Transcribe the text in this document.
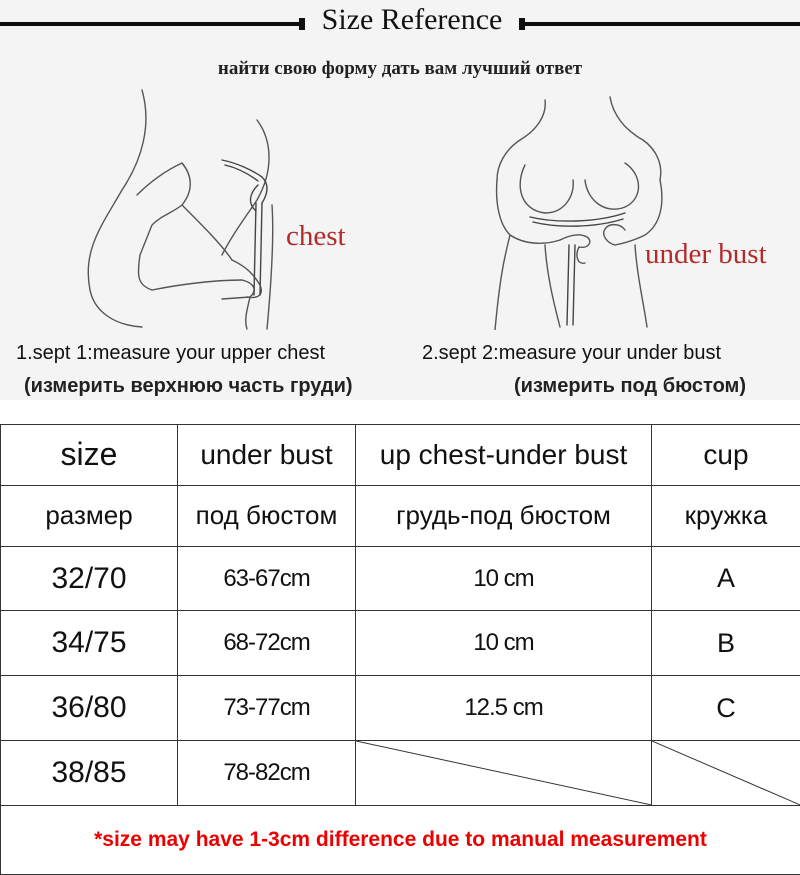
Size Reference
найти свою форму дать вам лучший ответ
chest
under bust
1.sept 1:measure your upper chest
(измерить верхнюю часть груди)
2.sept 2:measure your under bust
(измерить под бюстом)
size	under bust	up chest-under bust	cup
размер	под бюстом	грудь-под бюстом	кружка
32/70	63-67cm	10 cm	A
34/75	68-72cm	10 cm	B
36/80	73-77cm	12.5 cm	C
38/85	78-82cm	

*size may have 1-3cm difference due to manual measurement			
